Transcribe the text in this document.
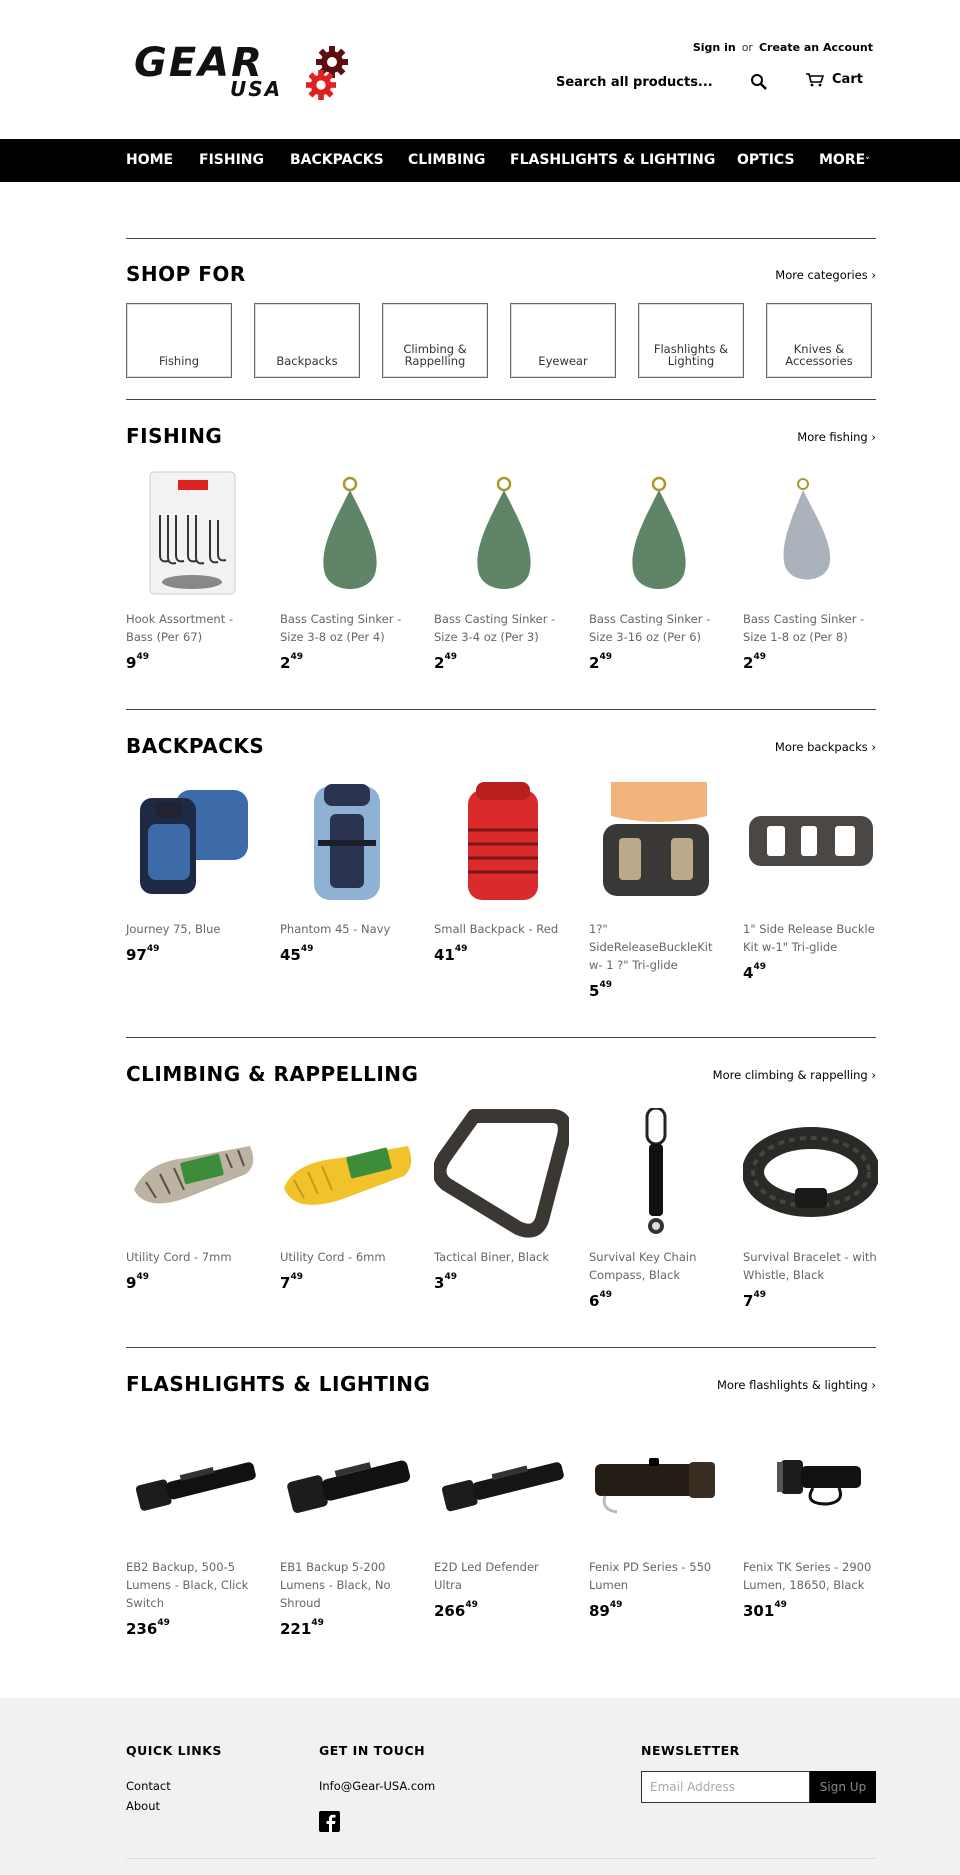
GEAR
USA
Sign in or Create an Account
Search all products...
Cart
HOME FISHING BACKPACKS CLIMBING FLASHLIGHTS & LIGHTING OPTICS MORE˅
SHOP FOR	More categories ›
Fishing	Backpacks
Climbing & Rappelling	Eyewear
Flashlights & Lighting
Knives & Accessories
FISHING	More fishing ›
Hook Assortment - Bass (Per 67)
$9^{49}$
Bass Casting Sinker - Size 3-8 oz (Per 4)
$2^{49}$
Bass Casting Sinker - Size 3-4 oz (Per 3)
$2^{49}$
Bass Casting Sinker - Size 3-16 oz (Per 6)
$2^{49}$
Bass Casting Sinker - Size 1-8 oz (Per 8)
$2^{49}$
BACKPACKS	More backpacks ›
Journey 75, Blue
$97^{49}$
Phantom 45 - Navy
$45^{49}$
Small Backpack - Red
$41^{49}$
1?" SideReleaseBuckleKit w- 1 ?" Tri-glide
$5^{49}$
1" Side Release Buckle Kit w-1" Tri-glide
$4^{49}$
CLIMBING & RAPPELLING	More climbing & rappelling ›
Utility Cord - 7mm
$9^{49}$
Utility Cord - 6mm
$7^{49}$
Tactical Biner, Black
$3^{49}$
Survival Key Chain Compass, Black
$6^{49}$
Survival Bracelet - with Whistle, Black
$7^{49}$
FLASHLIGHTS & LIGHTING	More flashlights & lighting ›
EB2 Backup, 500-5 Lumens - Black, Click Switch
$236^{49}$
EB1 Backup 5-200 Lumens - Black, No Shroud
$221^{49}$
E2D Led Defender Ultra
$266^{49}$
Fenix PD Series - 550 Lumen
$89^{49}$
Fenix TK Series - 2900 Lumen, 18650, Black
$301^{49}$
QUICK LINKS
Contact
About
GET IN TOUCH
Info@Gear-USA.com
NEWSLETTER
Email Address
Sign Up
